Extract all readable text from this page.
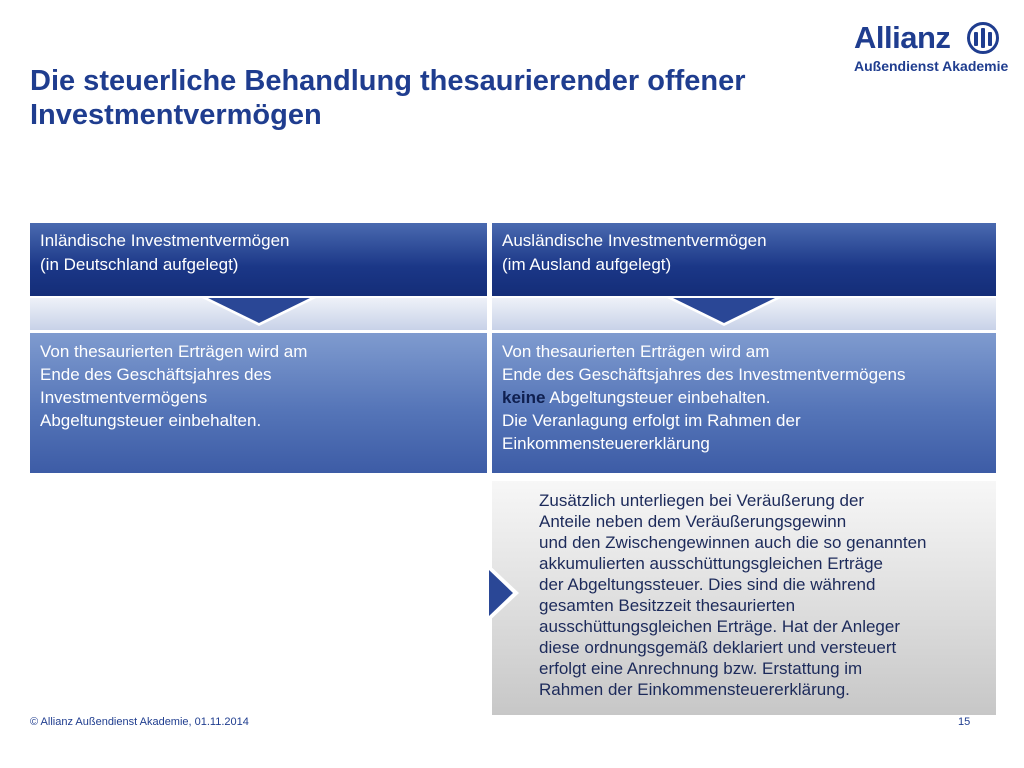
Die steuerliche Behandlung thesaurierender offener
Investmentvermögen
Allianz
Außendienst Akademie
Inländische Investmentvermögen
(in Deutschland aufgelegt)
Von thesaurierten Erträgen wird am
Ende des Geschäftsjahres des
Investmentvermögens
Abgeltungsteuer einbehalten.
Ausländische Investmentvermögen
(im Ausland aufgelegt)
Von thesaurierten Erträgen wird am
Ende des Geschäftsjahres des Investmentvermögens
keine Abgeltungsteuer einbehalten.
Die Veranlagung erfolgt im Rahmen der
Einkommensteuererklärung
Zusätzlich unterliegen bei Veräußerung der
Anteile neben dem Veräußerungsgewinn
und den Zwischengewinnen auch die so genannten
akkumulierten ausschüttungsgleichen Erträge
der Abgeltungssteuer. Dies sind die während
gesamten Besitzzeit thesaurierten
ausschüttungsgleichen Erträge. Hat der Anleger
diese ordnungsgemäß deklariert und versteuert
erfolgt eine Anrechnung bzw. Erstattung im
Rahmen der Einkommensteuererklärung.
© Allianz Außendienst Akademie, 01.11.2014	15
